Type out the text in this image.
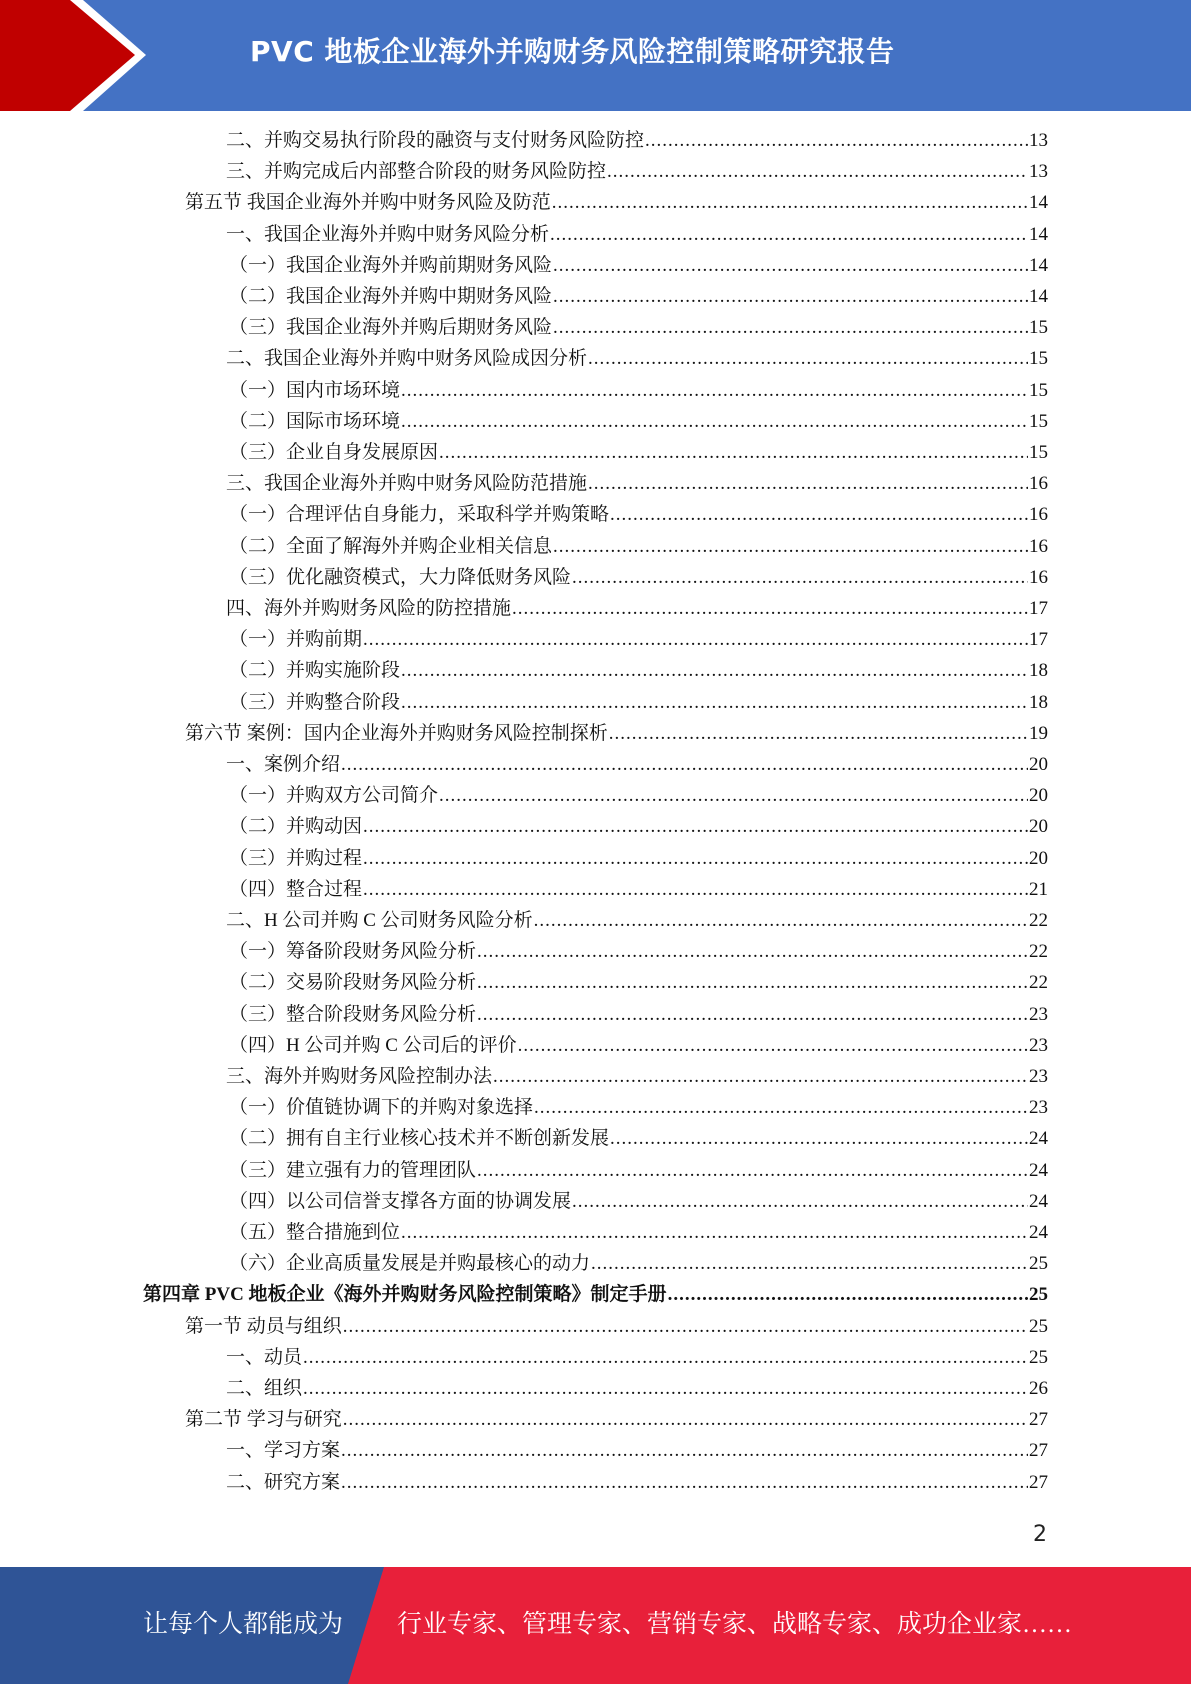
PVC 地板企业海外并购财务风险控制策略研究报告
二、并购交易执行阶段的融资与支付财务风险防控 .....	13
三、并购完成后内部整合阶段的财务风险防控 .....	13
第五节 我国企业海外并购中财务风险及防范 .....	14
一、我国企业海外并购中财务风险分析 .....	14
（一）我国企业海外并购前期财务风险 .....	14
（二）我国企业海外并购中期财务风险 .....	14
（三）我国企业海外并购后期财务风险 .....	15
二、我国企业海外并购中财务风险成因分析 .....	15
（一）国内市场环境 .....	15
（二）国际市场环境 .....	15
（三）企业自身发展原因 .....	15
三、我国企业海外并购中财务风险防范措施 .....	16
（一）合理评估自身能力，采取科学并购策略 .....	16
（二）全面了解海外并购企业相关信息 .....	16
（三）优化融资模式，大力降低财务风险 .....	16
四、海外并购财务风险的防控措施 .....	17
（一）并购前期 .....	17
（二）并购实施阶段 .....	18
（三）并购整合阶段 .....	18
第六节 案例：国内企业海外并购财务风险控制探析 .....	19
一、案例介绍 .....	20
（一）并购双方公司简介 .....	20
（二）并购动因 .....	20
（三）并购过程 .....	20
（四）整合过程 .....	21
二、H 公司并购 C 公司财务风险分析 .....	22
（一）筹备阶段财务风险分析 .....	22
（二）交易阶段财务风险分析 .....	22
（三）整合阶段财务风险分析 .....	23
（四）H 公司并购 C 公司后的评价 .....	23
三、海外并购财务风险控制办法 .....	23
（一）价值链协调下的并购对象选择 .....	23
（二）拥有自主行业核心技术并不断创新发展 .....	24
（三）建立强有力的管理团队 .....	24
（四）以公司信誉支撑各方面的协调发展 .....	24
（五）整合措施到位 .....	24
（六）企业高质量发展是并购最核心的动力 .....	25
第四章 PVC 地板企业《海外并购财务风险控制策略》制定手册 .....	25
第一节 动员与组织 .....	25
一、动员 .....	25
二、组织 .....	26
第二节 学习与研究 .....	27
一、学习方案 .....	27
二、研究方案 .....	27
2
让每个人都能成为 行业专家、管理专家、营销专家、战略专家、成功企业家……
